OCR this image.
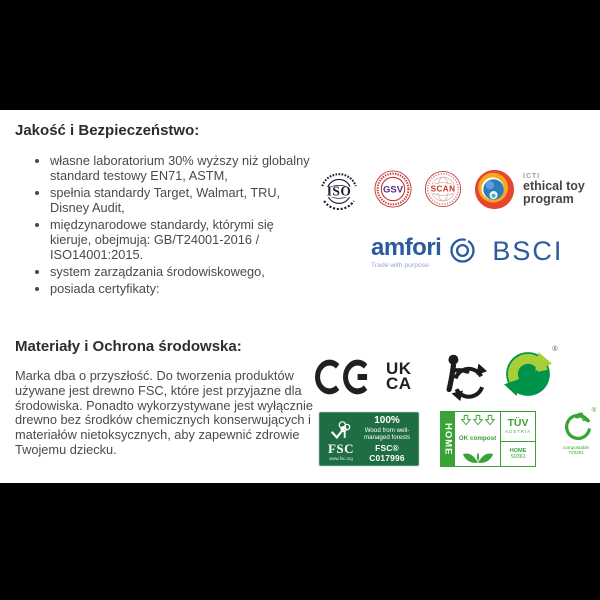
Jakość i Bezpieczeństwo:
• własne laboratorium 30% wyższy niż globalny standard testowy EN71, ASTM,
• spełnia standardy Target, Walmart, TRU, Disney Audit,
• międzynarodowe standardy, którymi się kieruje, obejmują: GB/T24001-2016 / ISO14001:2015.
• system zarządzania środowiskowego,
• posiada certyfikaty:
ISO	GSV	SCAN
ICTI
ethical toy
program
amfori
Trade with purpose	BSCI
Materiały i Ochrona środowska:

Marka dba o przyszłość. Do tworzenia produktów używane jest drewno FSC, które jest przyjazne dla środowiska. Ponadto wykorzystywane jest wyłącznie drewno bez środków chemicznych konserwujących i materiałów nietoksycznych, aby zapewnić zdrowie Twojemu dziecku.

UK
CA
®
FSC
www.fsc.org
100%
Wood from well-managed forests
FSC® C017996
HOME OK compost
TÜV
AUSTRIA
HOME
S0361
®
compostable
7V0201
